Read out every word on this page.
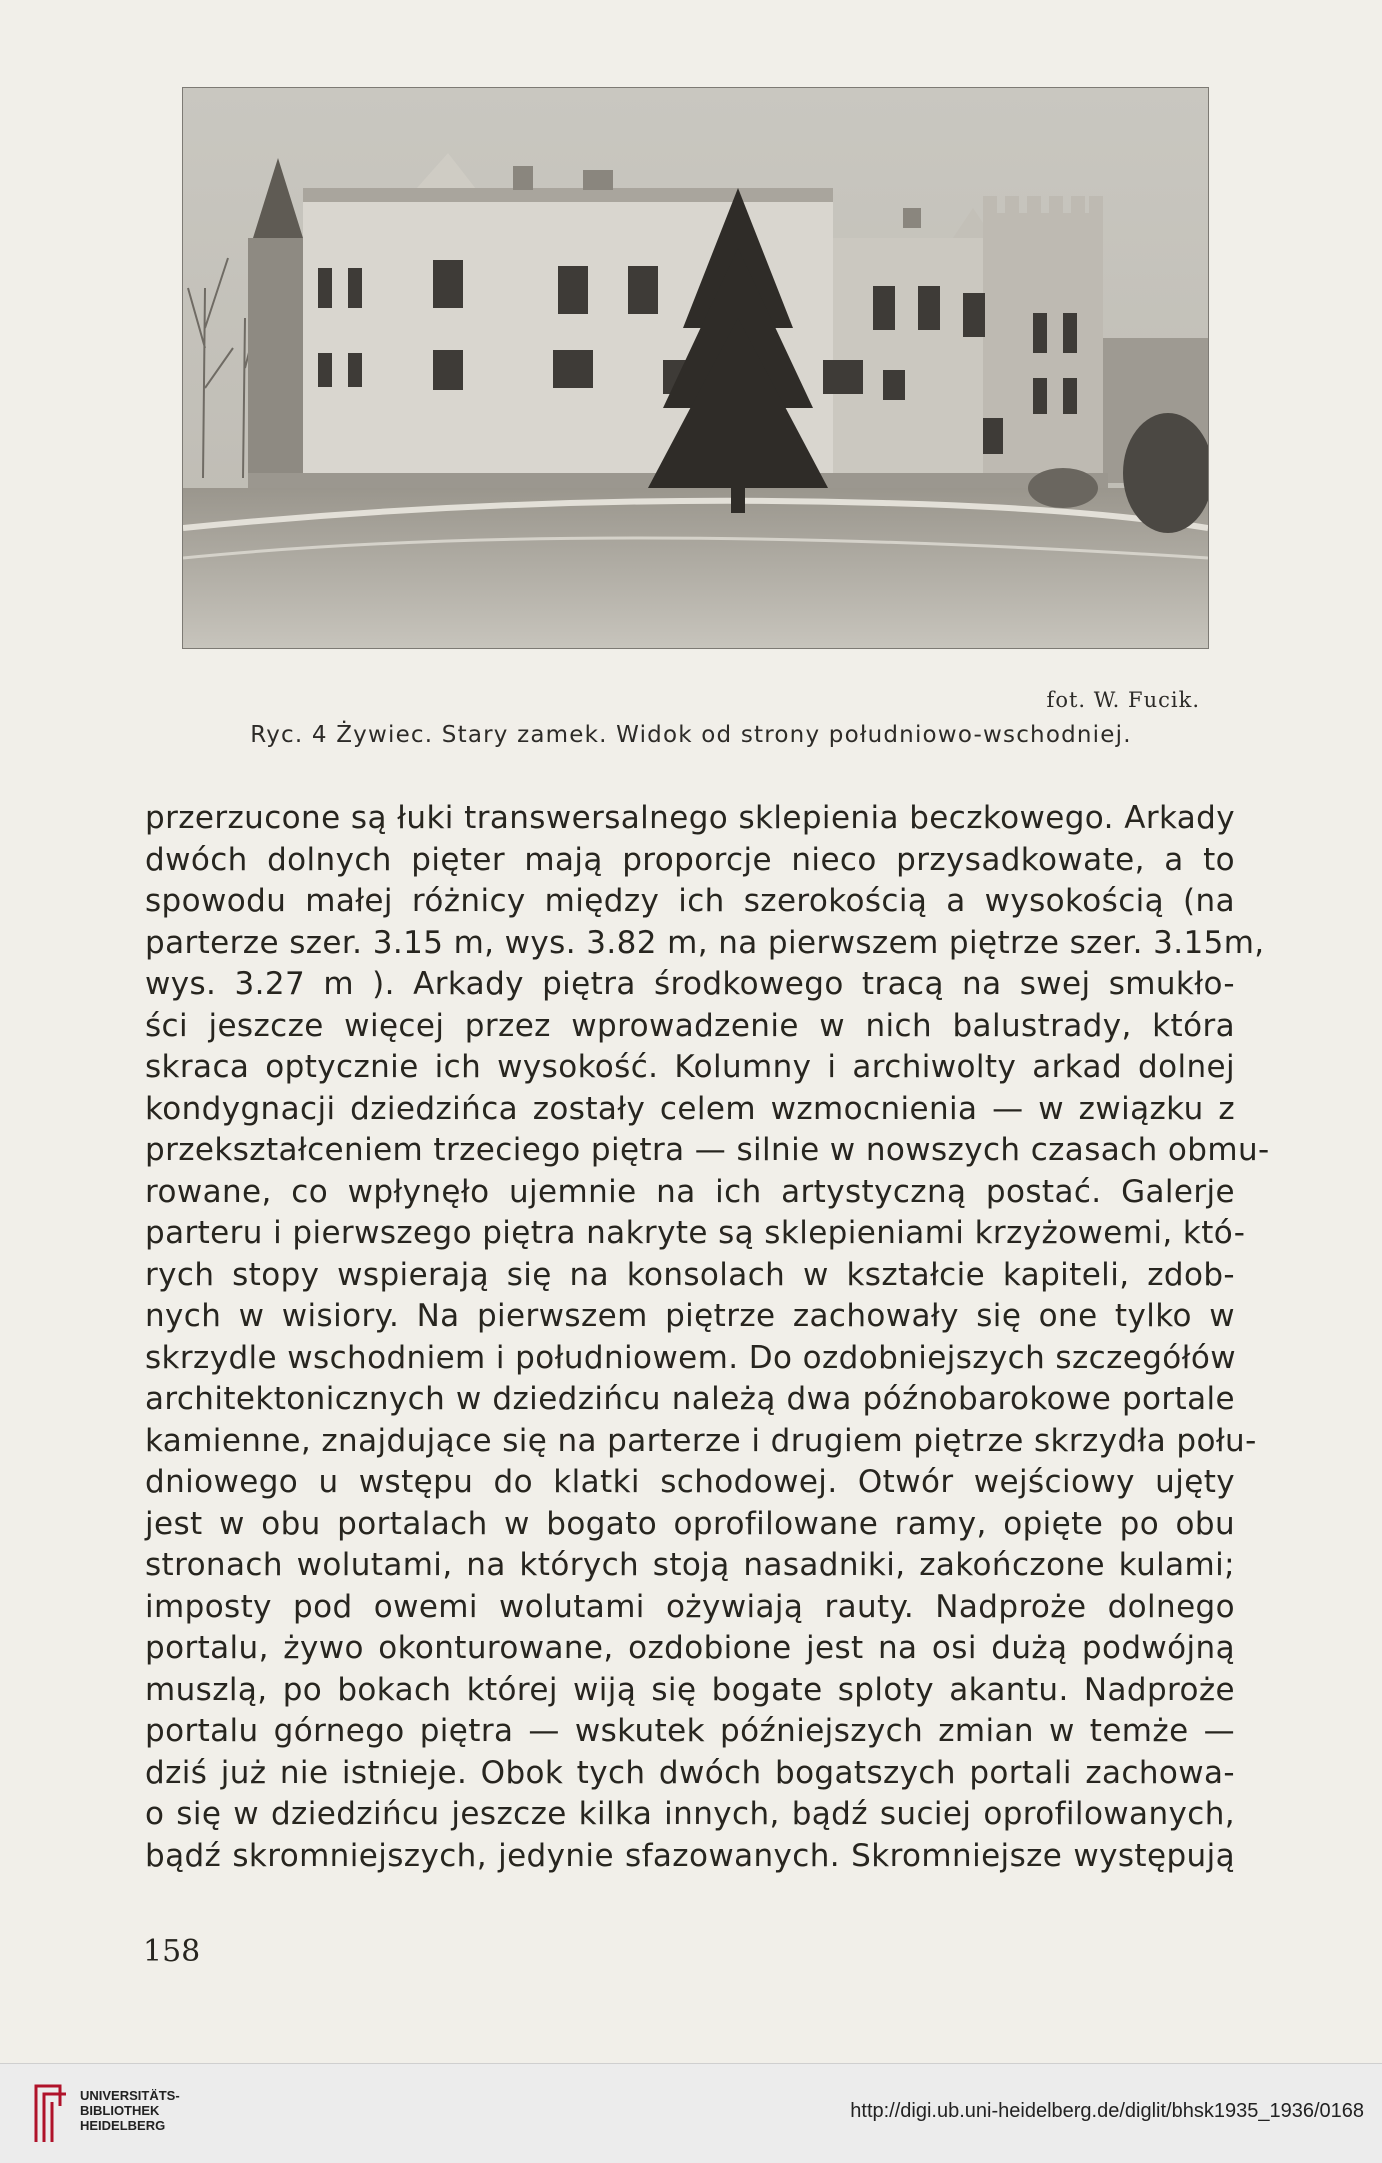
fot. W. Fucik.
Ryc. 4 Żywiec. Stary zamek. Widok od strony południowo-wschodniej.
przerzucone są łuki transwersalnego sklepienia beczkowego. Arkady
dwóch dolnych pięter mają proporcje nieco przysadkowate, a to
spowodu małej różnicy między ich szerokością a wysokością (na
parterze szer. 3.15 m, wys. 3.82 m, na pierwszem piętrze szer. 3.15m,
wys. 3.27 m ). Arkady piętra środkowego tracą na swej smukło-
ści jeszcze więcej przez wprowadzenie w nich balustrady, która
skraca optycznie ich wysokość. Kolumny i archiwolty arkad dolnej
kondygnacji dziedzińca zostały celem wzmocnienia — w związku z
przekształceniem trzeciego piętra — silnie w nowszych czasach obmu-
rowane, co wpłynęło ujemnie na ich artystyczną postać. Galerje
parteru i pierwszego piętra nakryte są sklepieniami krzyżowemi, któ-
rych stopy wspierają się na konsolach w kształcie kapiteli, zdob-
nych w wisiory. Na pierwszem piętrze zachowały się one tylko w
skrzydle wschodniem i południowem. Do ozdobniejszych szczegółów
architektonicznych w dziedzińcu należą dwa późnobarokowe portale
kamienne, znajdujące się na parterze i drugiem piętrze skrzydła połu-
dniowego u wstępu do klatki schodowej. Otwór wejściowy ujęty
jest w obu portalach w bogato oprofilowane ramy, opięte po obu
stronach wolutami, na których stoją nasadniki, zakończone kulami;
imposty pod owemi wolutami ożywiają rauty. Nadproże dolnego
portalu, żywo okonturowane, ozdobione jest na osi dużą podwójną
muszlą, po bokach której wiją się bogate sploty akantu. Nadproże
portalu górnego piętra — wskutek późniejszych zmian w temże —
dziś już nie istnieje. Obok tych dwóch bogatszych portali zachowa-
o się w dziedzińcu jeszcze kilka innych, bądź suciej oprofilowanych,
bądź skromniejszych, jedynie sfazowanych. Skromniejsze występują
158
UNIVERSITÄTS-
BIBLIOTHEK
HEIDELBERG
http://digi.ub.uni-heidelberg.de/diglit/bhsk1935_1936/0168
